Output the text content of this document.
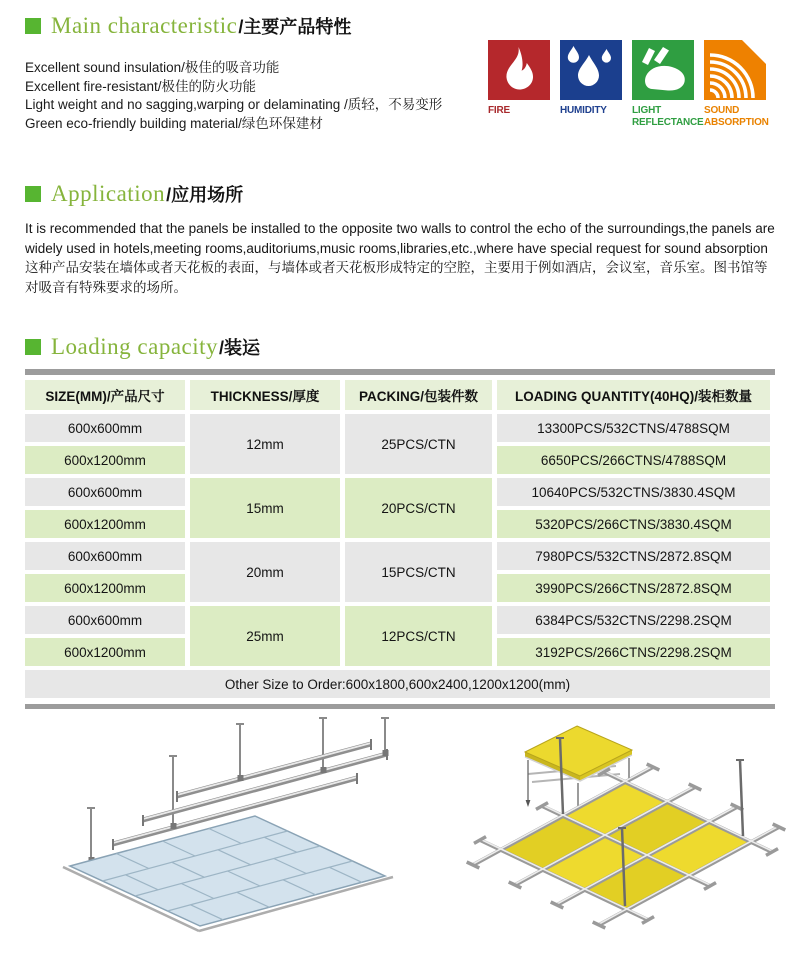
Main characteristic /主要产品特性
Excellent sound insulation/极佳的吸音功能
Excellent fire-resistant/极佳的防火功能
Light weight and no sagging,warping or delaminating /质轻，不易变形
Green eco-friendly building material/绿色环保建材
FIRE	HUMIDITY	LIGHT REFLECTANCE
SOUND ABSORPTION
Application /应用场所
It is recommended that the panels be installed to the opposite two walls to control the echo of the surroundings,the panels are widely used in hotels,meeting rooms,auditoriums,music rooms,libraries,etc.,where have special request for sound absorption
这种产品安装在墙体或者天花板的表面，与墙体或者天花板形成特定的空腔，主要用于例如酒店，会议室，音乐室。图书馆等对吸音有特殊要求的场所。
Loading capacity /装运
SIZE(MM)/产品尺寸	THICKNESS/厚度	PACKING/包装件数	LOADING QUANTITY(40HQ)/装柜数量
600x600mm	12mm	25PCS/CTN	13300PCS/532CTNS/4788SQM
600x1200mm			6650PCS/266CTNS/4788SQM
600x600mm	15mm	20PCS/CTN	10640PCS/532CTNS/3830.4SQM
600x1200mm			5320PCS/266CTNS/3830.4SQM
600x600mm	20mm	15PCS/CTN	7980PCS/532CTNS/2872.8SQM
600x1200mm			3990PCS/266CTNS/2872.8SQM
600x600mm	25mm	12PCS/CTN	6384PCS/532CTNS/2298.2SQM
600x1200mm			3192PCS/266CTNS/2298.2SQM
Other Size to Order:600x1800,600x2400,1200x1200(mm)			
